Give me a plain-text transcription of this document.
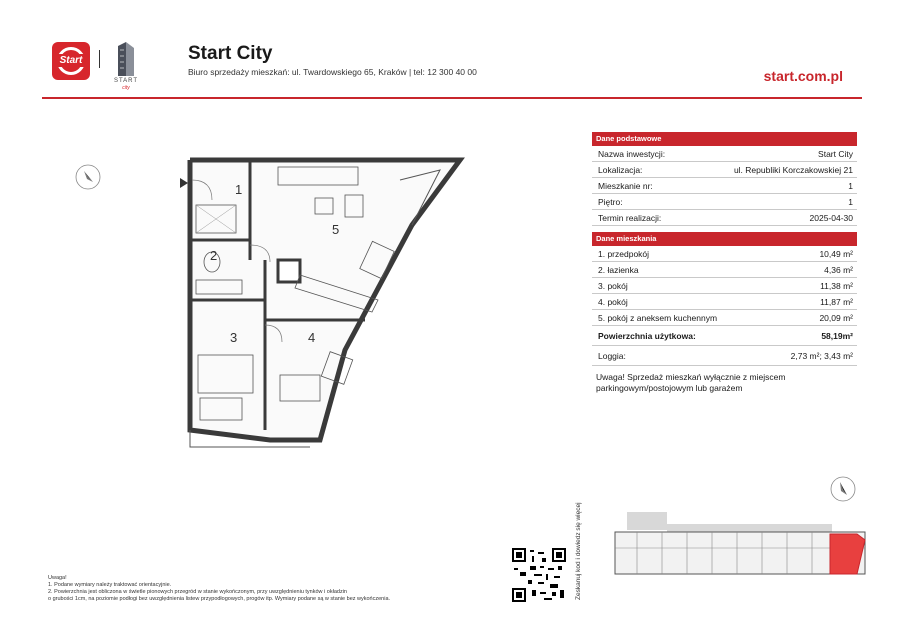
Start
START
city
Start City
Biuro sprzedaży mieszkań: ul. Twardowskiego 65, Kraków | tel: 12 300 40 00	start.com.pl
1
2
3	4
5
Dane podstawowe
Nazwa inwestycji:	Start City
Lokalizacja:	ul. Republiki Korczakowskiej 21
Mieszkanie nr:	1
Piętro:	1
Termin realizacji:	2025-04-30
Dane mieszkania
1. przedpokój	10,49 m²
2. łazienka	4,36 m²
3. pokój	11,38 m²
4. pokój	11,87 m²
5. pokój z aneksem kuchennym	20,09 m²
Powierzchnia użytkowa:	58,19m²
Loggia:	2,73 m²; 3,43 m²
Uwaga! Sprzedaż mieszkań wyłącznie z miejscem parkingowym/postojowym lub garażem
Zeskanuj kod i dowiedz się więcej
Uwaga!
1. Podane wymiary należy traktować orientacyjnie.
2. Powierzchnia jest obliczona w świetle pionowych przegród w stanie wykończonym, przy uwzględnieniu tynków i okładzin
o grubości 1cm, na poziomie podłogi bez uwzględnienia listew przypodłogowych, progów itp. Wymiary podane są w stanie bez wykończenia.
